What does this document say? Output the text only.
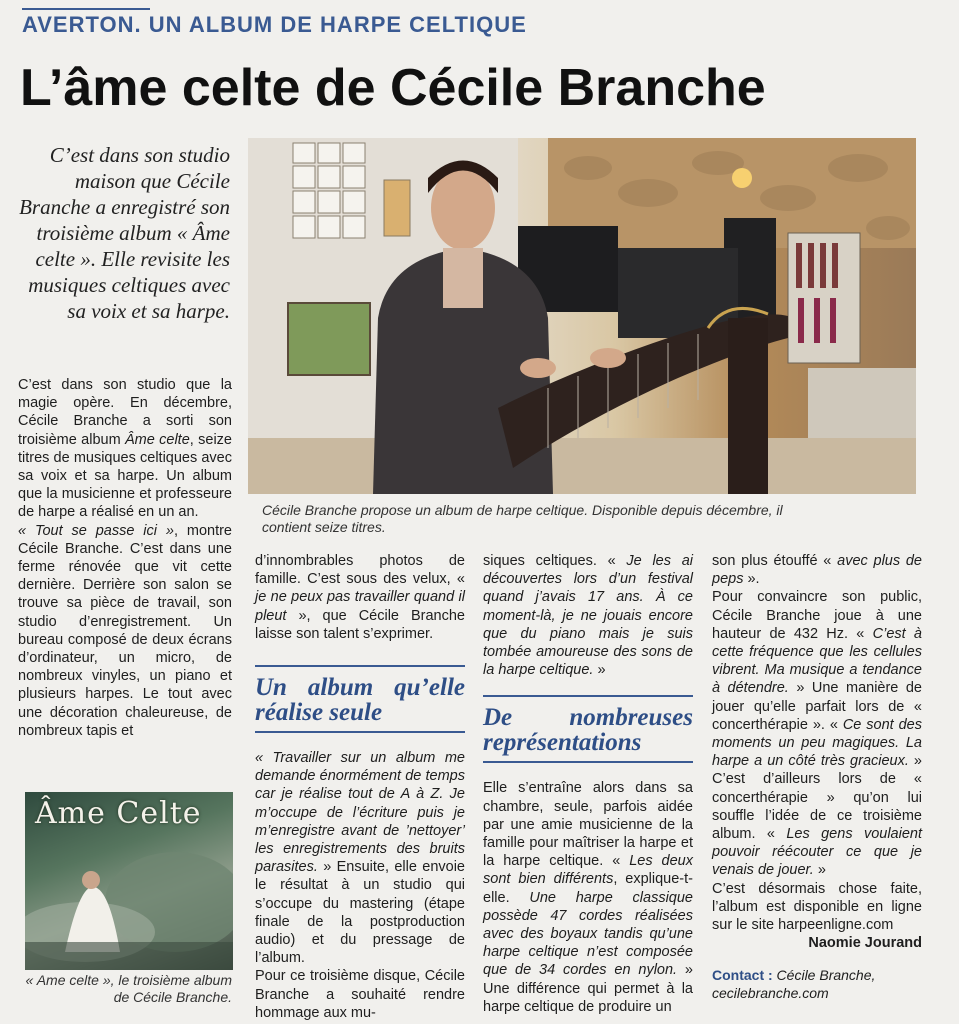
AVERTON. UN ALBUM DE HARPE CELTIQUE
L’âme celte de Cécile Branche
C’est dans son studio maison que Cécile Branche a enregistré son troisième album « Âme celte ». Elle revisite les musiques celtiques avec sa voix et sa harpe.
Cécile Branche propose un album de harpe celtique. Disponible depuis décembre, il contient seize titres.

C’est dans son studio que la magie opère. En décembre, Cécile Branche a sorti son troisième album Âme celte, seize titres de musiques celtiques avec sa voix et sa harpe. Un album que la musicienne et professeure de harpe a réalisé en un an.

« Tout se passe ici », montre Cécile Branche. C’est dans une ferme rénovée que vit cette dernière. Derrière son salon se trouve sa pièce de travail, son studio d’enregistrement. Un bureau composé de deux écrans d’ordinateur, un micro, de nombreux vinyles, un piano et plusieurs harpes. Le tout avec une décoration chaleureuse, de nombreux tapis et

Âme Celte
« Ame celte », le troisième album de Cécile Branche.

d’innombrables photos de famille. C’est sous des velux, « je ne peux pas travailler quand il pleut », que Cécile Branche laisse son talent s’exprimer.

Un album qu’elle réalise seule

« Travailler sur un album me demande énormément de temps car je réalise tout de A à Z. Je m’occupe de l’écriture puis je m’enregistre avant de ’nettoyer’ les enregistrements des bruits parasites. » Ensuite, elle envoie le résultat à un studio qui s’occupe du mastering (étape finale de la postproduction audio) et du pressage de l’album.

Pour ce troisième disque, Cécile Branche a souhaité rendre hommage aux mu-

siques celtiques. « Je les ai découvertes lors d’un festival quand j’avais 17 ans. À ce moment-là, je ne jouais encore que du piano mais je suis tombée amoureuse des sons de la harpe celtique. »

De nombreuses représentations

Elle s’entraîne alors dans sa chambre, seule, parfois aidée par une amie musicienne de la famille pour maîtriser la harpe et la harpe celtique. « Les deux sont bien différents, explique-t-elle. Une harpe classique possède 47 cordes réalisées avec des boyaux tandis qu’une harpe celtique n’est composée que de 34 cordes en nylon. » Une différence qui permet à la harpe celtique de produire un

son plus étouffé « avec plus de peps ».

Pour convaincre son public, Cécile Branche joue à une hauteur de 432 Hz. « C’est à cette fréquence que les cellules vibrent. Ma musique a tendance à détendre. » Une manière de jouer qu’elle parfait lors de « concerthérapie ». « Ce sont des moments un peu magiques. La harpe a un côté très gracieux. » C’est d’ailleurs lors de « concerthérapie » qu’on lui souffle l’idée de ce troisième album. « Les gens voulaient pouvoir réécouter ce que je venais de jouer. »

C’est désormais chose faite, l’album est disponible en ligne sur le site harpeenligne.com

Naomie Jourand

Contact : Cécile Branche,
cecilebranche.com
